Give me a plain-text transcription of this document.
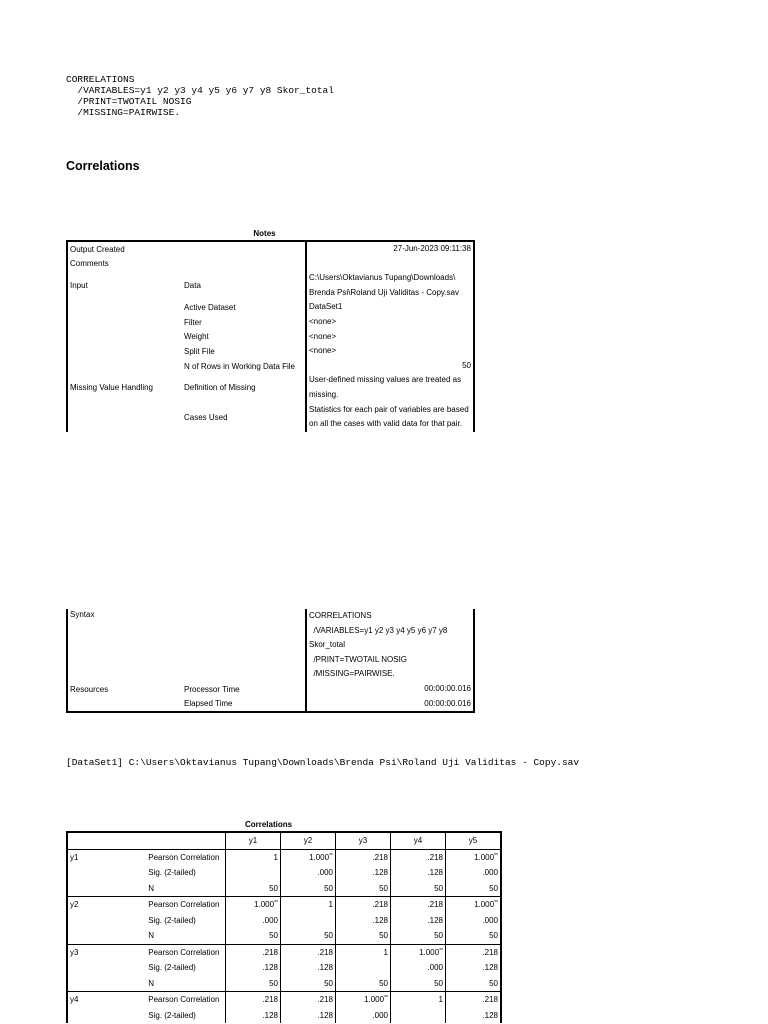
CORRELATIONS
/VARIABLES=y1 y2 y3 y4 y5 y6 y7 y8 Skor_total
/PRINT=TWOTAIL NOSIG
/MISSING=PAIRWISE.
Correlations
Notes
Output Created		27-Jun-2023 09:11:38
Comments		
Input	Data	C:\Users\Oktavianus Tupang\Downloads\ Brenda Psi\Roland Uji Validitas - Copy.sav
	Active Dataset	DataSet1
	Filter	<none>
	Weight	<none>
	Split File	<none>
	N of Rows in Working Data File	50
Missing Value Handling	Definition of Missing	User-defined missing values are treated as missing.
	Cases Used	Statistics for each pair of variables are based on all the cases with valid data for that pair.
Syntax		CORRELATIONS
/VARIABLES=y1 y2 y3 y4 y5 y6 y7 y8
Skor_total
/PRINT=TWOTAIL NOSIG
/MISSING=PAIRWISE.
Resources	Processor Time	00:00:00.016
	Elapsed Time	00:00:00.016
[DataSet1] C:\Users\Oktavianus Tupang\Downloads\Brenda Psi\Roland Uji Validitas - Copy.sav
Correlations
		y1	y2	y3	y4	y5
y1	Pearson Correlation	1	1.000**	.218	.218	1.000**
	Sig. (2-tailed)		.000	.128	.128	.000
	N	50	50	50	50	50
y2	Pearson Correlation	1.000**	1	.218	.218	1.000**
	Sig. (2-tailed)	.000		.128	.128	.000
	N	50	50	50	50	50
y3	Pearson Correlation	.218	.218	1	1.000**	.218
	Sig. (2-tailed)	.128	.128		.000	.128
	N	50	50	50	50	50
y4	Pearson Correlation	.218	.218	1.000**	1	.218
	Sig. (2-tailed)	.128	.128	.000		.128
